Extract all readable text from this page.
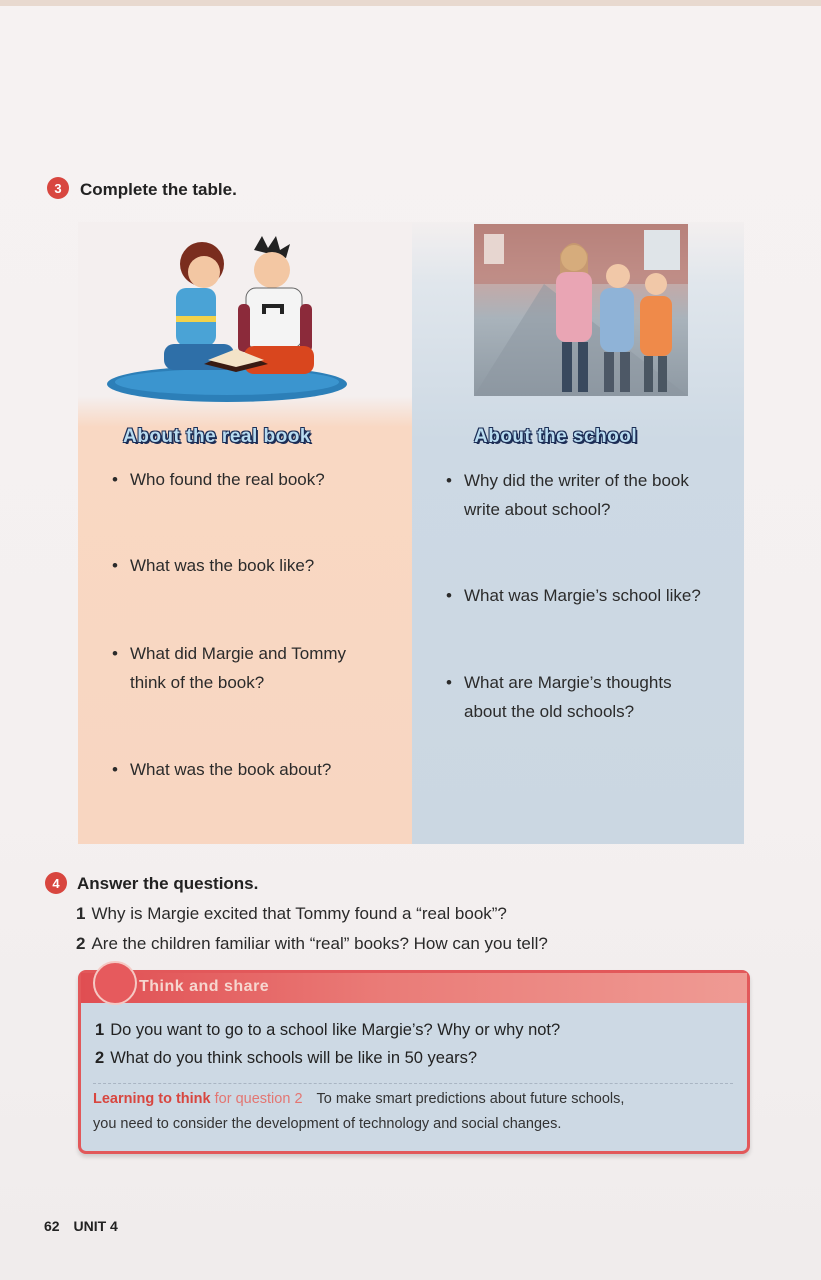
3	Complete the table.
About the real book
• Who found the real book?
• What was the book like?
• What did Margie and Tommy
think of the book?
• What was the book about?
About the school
• Why did the writer of the book
write about school?
• What was Margie’s school like?
• What are Margie’s thoughts
about the old schools?
4	Answer the questions.
1 Why is Margie excited that Tommy found a “real book”?
2 Are the children familiar with “real” books? How can you tell?
Think and share
1 Do you want to go to a school like Margie’s? Why or why not?
2 What do you think schools will be like in 50 years?
Learning to think for question 2 To make smart predictions about future schools,
you need to consider the development of technology and social changes.
62 UNIT 4
